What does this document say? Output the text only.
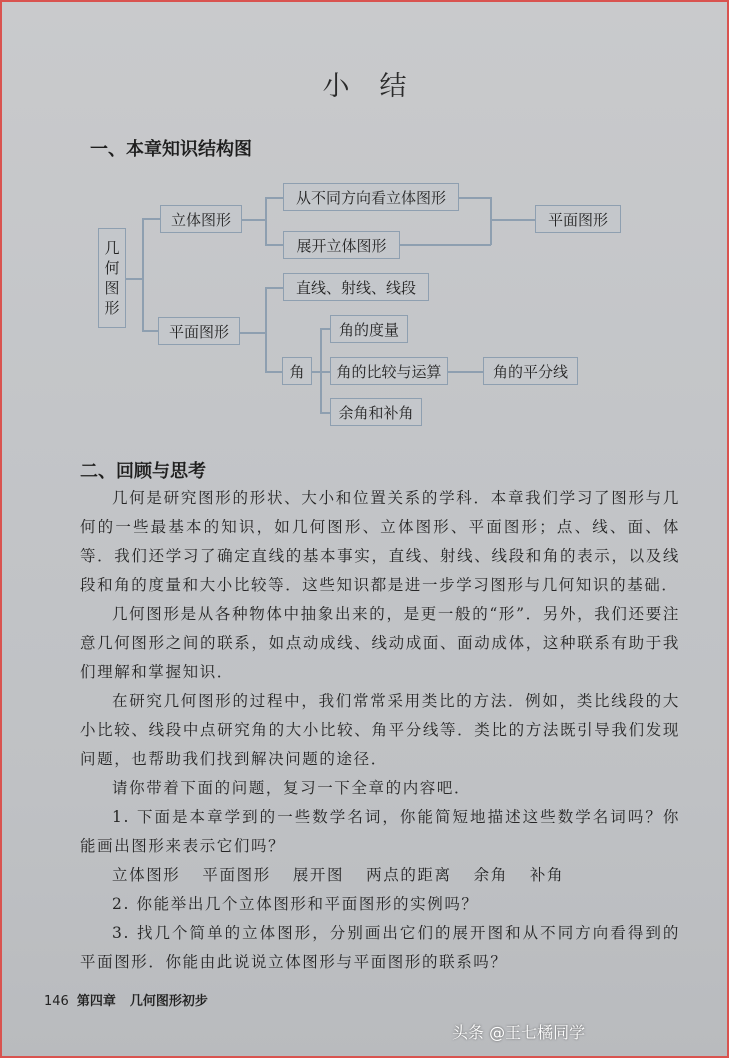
小结
一、本章知识结构图
几
何
图
形
立体图形
平面图形
从不同方向看立体图形
展开立体图形
平面图形
直线、射线、线段
角
角的度量
角的比较与运算
余角和补角
角的平分线
二、回顾与思考

几何是研究图形的形状、大小和位置关系的学科．本章我们学习了图形与几何的一些最基本的知识，如几何图形、立体图形、平面图形；点、线、面、体等．我们还学习了确定直线的基本事实，直线、射线、线段和角的表示，以及线段和角的度量和大小比较等．这些知识都是进一步学习图形与几何知识的基础．

几何图形是从各种物体中抽象出来的，是更一般的“形”．另外，我们还要注意几何图形之间的联系，如点动成线、线动成面、面动成体，这种联系有助于我们理解和掌握知识．

在研究几何图形的过程中，我们常常采用类比的方法．例如，类比线段的大小比较、线段中点研究角的大小比较、角平分线等．类比的方法既引导我们发现问题，也帮助我们找到解决问题的途径．

请你带着下面的问题，复习一下全章的内容吧．

1. 下面是本章学到的一些数学名词，你能简短地描述这些数学名词吗？你能画出图形来表示它们吗？

立体图形 平面图形 展开图 两点的距离 余角 补角

2. 你能举出几个立体图形和平面图形的实例吗？

3. 找几个简单的立体图形，分别画出它们的展开图和从不同方向看得到的平面图形．你能由此说说立体图形与平面图形的联系吗？

146 第四章 几何图形初步
头条 @王七橘同学
